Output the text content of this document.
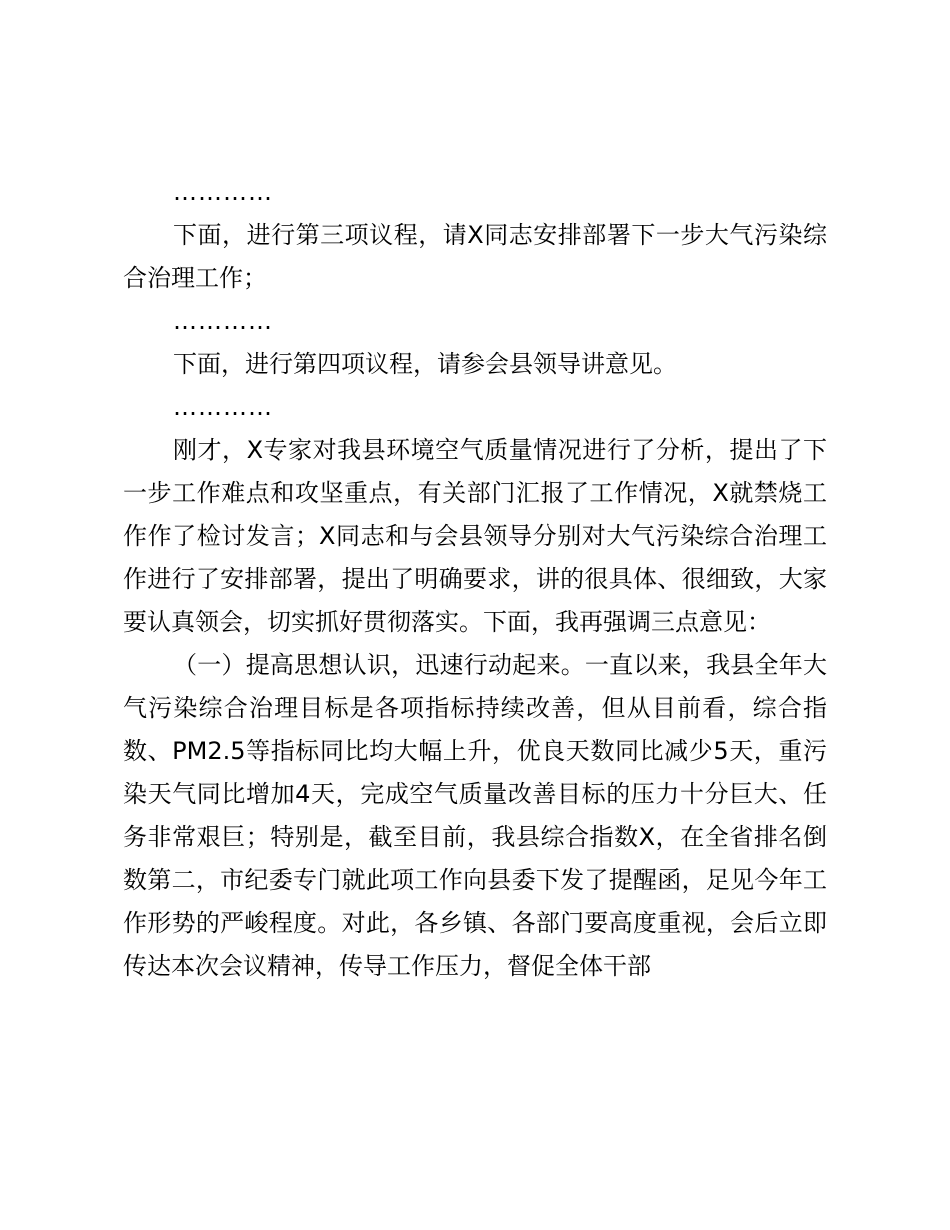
…………

下面，进行第三项议程，请X同志安排部署下一步大气污染综合治理工作；

…………

下面，进行第四项议程，请参会县领导讲意见。

…………

刚才，X专家对我县环境空气质量情况进行了分析，提出了下一步工作难点和攻坚重点，有关部门汇报了工作情况，X就禁烧工作作了检讨发言；X同志和与会县领导分别对大气污染综合治理工作进行了安排部署，提出了明确要求，讲的很具体、很细致，大家要认真领会，切实抓好贯彻落实。下面，我再强调三点意见：

（一）提高思想认识，迅速行动起来。一直以来，我县全年大气污染综合治理目标是各项指标持续改善，但从目前看，综合指数、PM2.5等指标同比均大幅上升，优良天数同比减少5天，重污染天气同比增加4天，完成空气质量改善目标的压力十分巨大、任务非常艰巨；特别是，截至目前，我县综合指数X，在全省排名倒数第二，市纪委专门就此项工作向县委下发了提醒函，足见今年工作形势的严峻程度。对此，各乡镇、各部门要高度重视，会后立即传达本次会议精神，传导工作压力，督促全体干部
